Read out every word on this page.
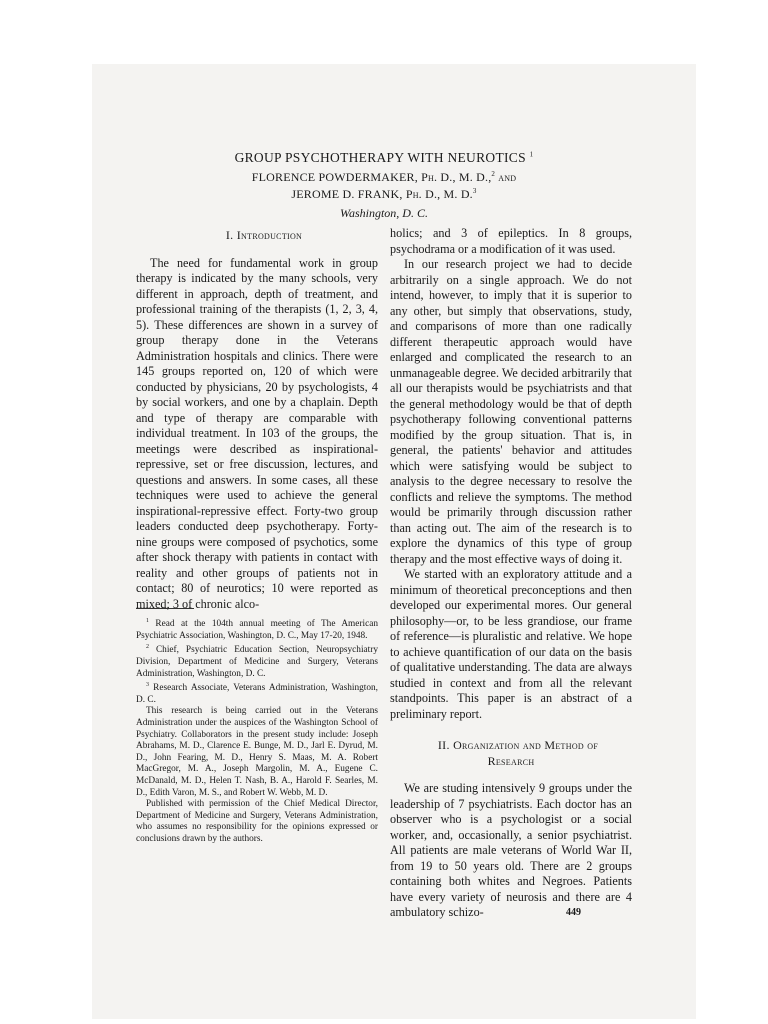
GROUP PSYCHOTHERAPY WITH NEUROTICS $^1$
FLORENCE POWDERMAKER, Ph. D., M. D.,$^2$ and
JEROME D. FRANK, Ph. D., M. D.$^3$
Washington, D. C.

I. Introduction

The need for fundamental work in group therapy is indicated by the many schools, very different in approach, depth of treatment, and professional training of the therapists (1, 2, 3, 4, 5). These differences are shown in a survey of group therapy done in the Veterans Administration hospitals and clinics. There were 145 groups reported on, 120 of which were conducted by physicians, 20 by psychologists, 4 by social workers, and one by a chaplain. Depth and type of therapy are comparable with individual treatment. In 103 of the groups, the meetings were described as inspirational-repressive, set or free discussion, lectures, and questions and answers. In some cases, all these techniques were used to achieve the general inspirational-repressive effect. Forty-two group leaders conducted deep psychotherapy. Forty-nine groups were composed of psychotics, some after shock therapy with patients in contact with reality and other groups of patients not in contact; 80 of neurotics; 10 were reported as mixed; 3 of chronic alco-

$^1$ Read at the 104th annual meeting of The American Psychiatric Association, Washington, D. C., May 17-20, 1948.

$^2$ Chief, Psychiatric Education Section, Neuropsychiatry Division, Department of Medicine and Surgery, Veterans Administration, Washington, D. C.

$^3$ Research Associate, Veterans Administration, Washington, D. C.

This research is being carried out in the Veterans Administration under the auspices of the Washington School of Psychiatry. Collaborators in the present study include: Joseph Abrahams, M. D., Clarence E. Bunge, M. D., Jarl E. Dyrud, M. D., John Fearing, M. D., Henry S. Maas, M. A. Robert MacGregor, M. A., Joseph Margolin, M. A., Eugene C. McDanald, M. D., Helen T. Nash, B. A., Harold F. Searles, M. D., Edith Varon, M. S., and Robert W. Webb, M. D.

Published with permission of the Chief Medical Director, Department of Medicine and Surgery, Veterans Administration, who assumes no responsibility for the opinions expressed or conclusions drawn by the authors.

holics; and 3 of epileptics. In 8 groups, psychodrama or a modification of it was used.

In our research project we had to decide arbitrarily on a single approach. We do not intend, however, to imply that it is superior to any other, but simply that observations, study, and comparisons of more than one radically different therapeutic approach would have enlarged and complicated the research to an unmanageable degree. We decided arbitrarily that all our therapists would be psychiatrists and that the general methodology would be that of depth psychotherapy following conventional patterns modified by the group situation. That is, in general, the patients' behavior and attitudes which were satisfying would be subject to analysis to the degree necessary to resolve the conflicts and relieve the symptoms. The method would be primarily through discussion rather than acting out. The aim of the research is to explore the dynamics of this type of group therapy and the most effective ways of doing it.

We started with an exploratory attitude and a minimum of theoretical preconceptions and then developed our experimental mores. Our general philosophy—or, to be less grandiose, our frame of reference—is pluralistic and relative. We hope to achieve quantification of our data on the basis of qualitative understanding. The data are always studied in context and from all the relevant standpoints. This paper is an abstract of a preliminary report.

II. Organization and Method of
Research

We are studing intensively 9 groups under the leadership of 7 psychiatrists. Each doctor has an observer who is a psychologist or a social worker, and, occasionally, a senior psychiatrist. All patients are male veterans of World War II, from 19 to 50 years old. There are 2 groups containing both whites and Negroes. Patients have every variety of neurosis and there are 4 ambulatory schizo-	449
